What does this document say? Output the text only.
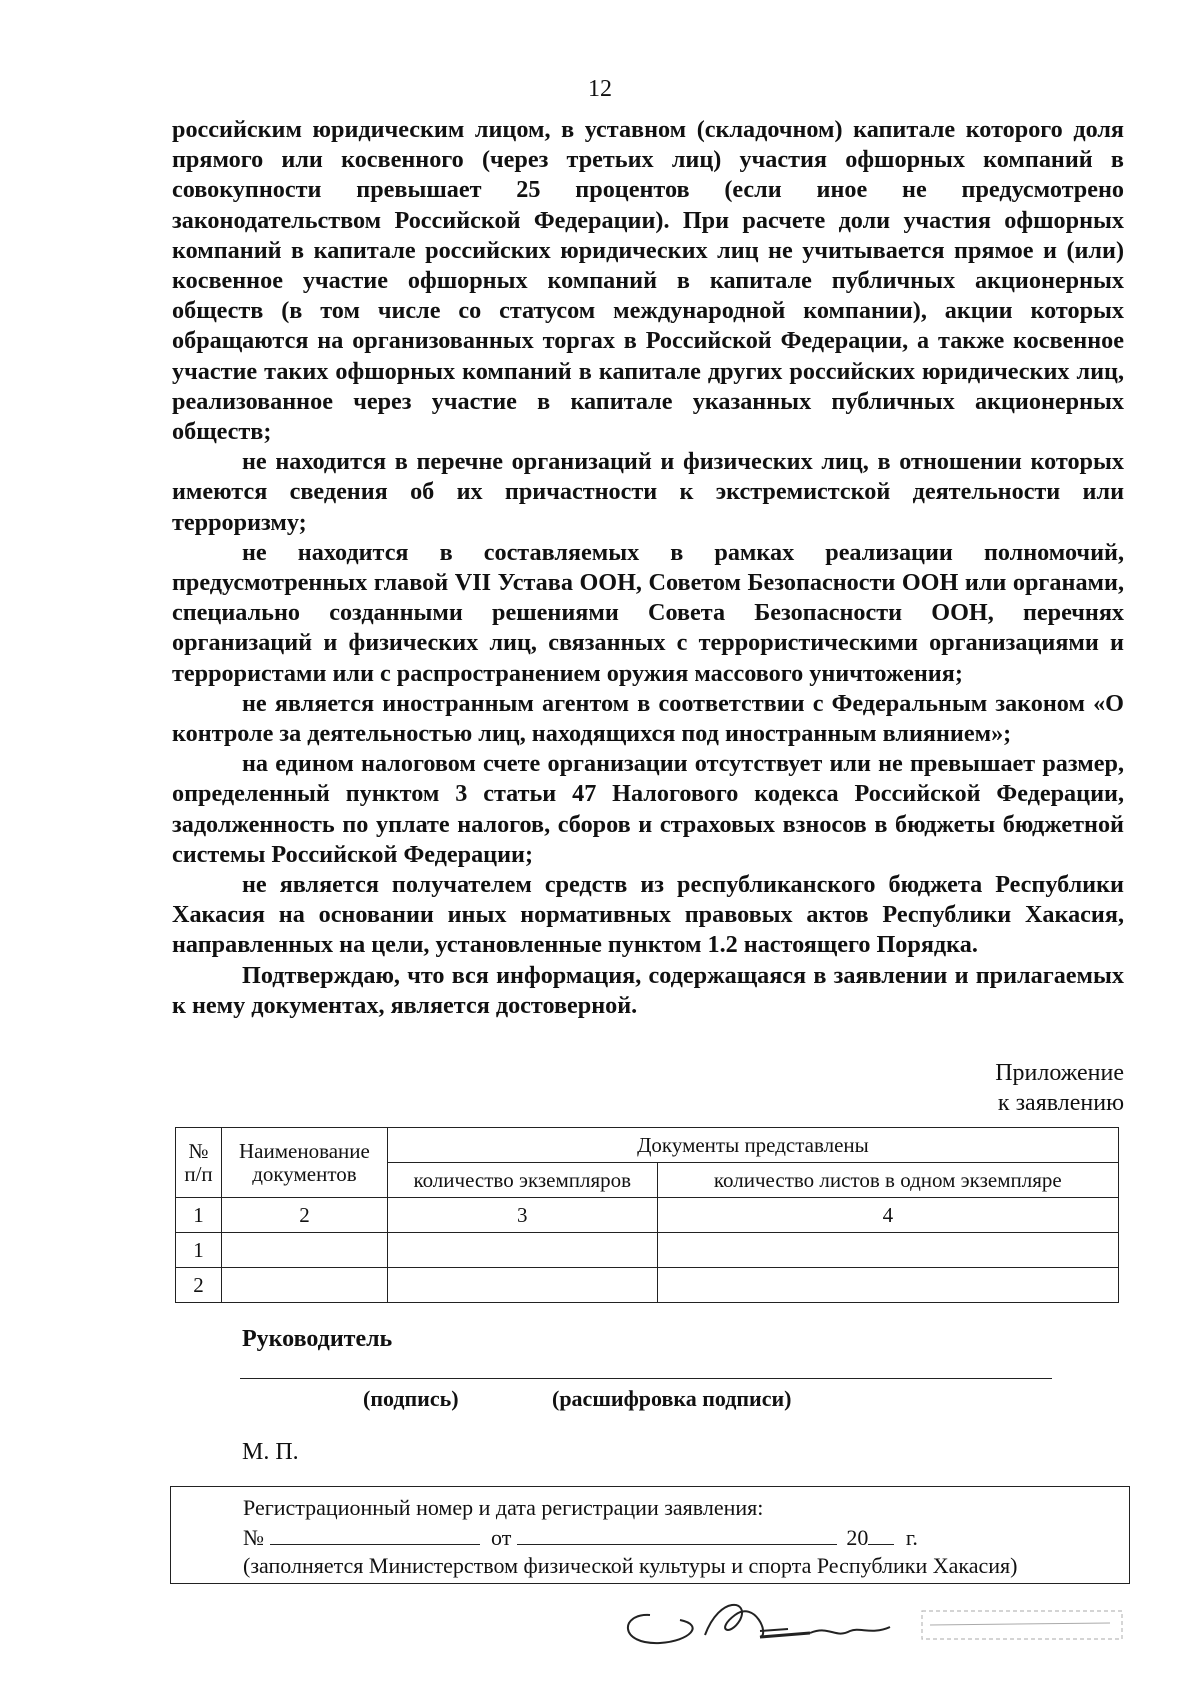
12

российским юридическим лицом, в уставном (складочном) капитале которого доля прямого или косвенного (через третьих лиц) участия офшорных компаний в совокупности превышает 25 процентов (если иное не предусмотрено законодательством Российской Федерации). При расчете доли участия офшорных компаний в капитале российских юридических лиц не учитывается прямое и (или) косвенное участие офшорных компаний в капитале публичных акционерных обществ (в том числе со статусом международной компании), акции которых обращаются на организованных торгах в Российской Федерации, а также косвенное участие таких офшорных компаний в капитале других российских юридических лиц, реализованное через участие в капитале указанных публичных акционерных обществ;

не находится в перечне организаций и физических лиц, в отношении которых имеются сведения об их причастности к экстремистской деятельности или терроризму;

не находится в составляемых в рамках реализации полномочий, предусмотренных главой VII Устава ООН, Советом Безопасности ООН или органами, специально созданными решениями Совета Безопасности ООН, перечнях организаций и физических лиц, связанных с террористическими организациями и террористами или с распространением оружия массового уничтожения;

не является иностранным агентом в соответствии с Федеральным законом «О контроле за деятельностью лиц, находящихся под иностранным влиянием»;

на едином налоговом счете организации отсутствует или не превышает размер, определенный пунктом 3 статьи 47 Налогового кодекса Российской Федерации, задолженность по уплате налогов, сборов и страховых взносов в бюджеты бюджетной системы Российской Федерации;

не является получателем средств из республиканского бюджета Республики Хакасия на основании иных нормативных правовых актов Республики Хакасия, направленных на цели, установленные пунктом 1.2 настоящего Порядка.

Подтверждаю, что вся информация, содержащаяся в заявлении и прилагаемых к нему документах, является достоверной.

Приложение
к заявлению
№ п/п	Наименование документов	Документы представлены	
		количество экземпляров	количество листов в одном экземпляре
1	2	3	4
1			
2			
Руководитель
(подпись)	(расшифровка подписи)
М. П.
Регистрационный номер и дата регистрации заявления:
№	от	20 г.
(заполняется Министерством физической культуры и спорта Республики Хакасия)
